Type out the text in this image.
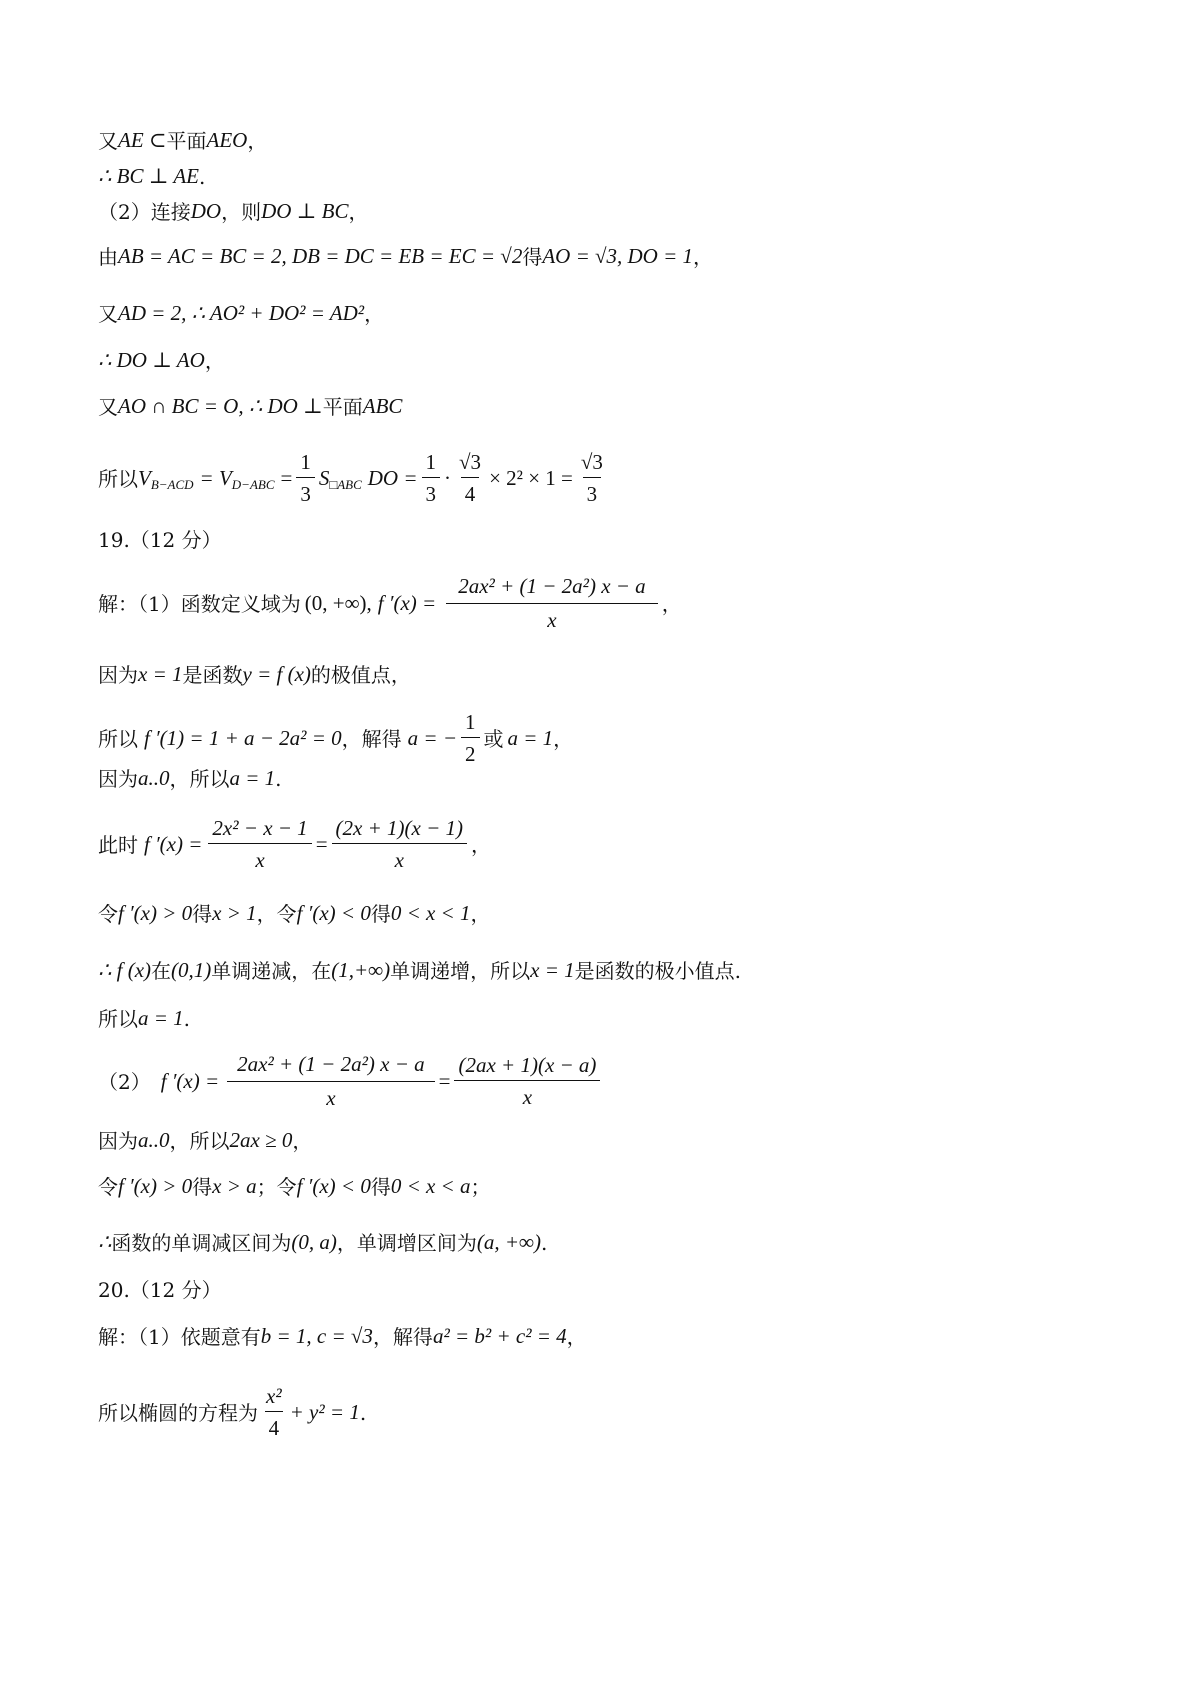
又 AE ⊂ 平面 AEO ，
∴ BC ⊥ AE .
（2）连接 DO ，则 DO ⊥ BC ，
由 AB = AC = BC = 2, DB = DC = EB = EC = √2 得 AO = √3, DO = 1 ，
又 AD = 2, ∴ AO² + DO² = AD² ，
∴ DO ⊥ AO ，
又 AO ∩ BC = O, ∴ DO ⊥ 平面 ABC
所以 $V_{B-ACD} = V_{D-ABC} = \frac{1}{3} S_{□ABC}$ DO = $\frac{1}{3} \cdot \frac{√3}{4} \times 2^2 \times 1 = \frac{√3}{3}$
19.（12 分）
解：（1）函数定义域为 (0, +∞), f $'(x) = \frac{\text{2ax² + (1 − 2a²) x − a}}{x}$ ，
因为 x = 1 是函数 y = f (x) 的极值点，
所以 f ′(1) = 1 + a − 2a² = 0 ，解得 a = − $\frac{1}{2}$ 或 a = 1 ，
因为 a..0 ，所以 a = 1 .
此时 f $'(x) = \frac{\text{2x² − x − 1}}{x} = \frac{(2x + 1)(x - 1)}{x}$ ，
令 f ′(x) > 0 得 x > 1 ，令 f ′(x) < 0 得 0 < x < 1 ，
∴ f (x) 在 (0,1) 单调递减，在 (1,+∞) 单调递增，所以 x = 1 是函数的极小值点.
所以 a = 1 .
（2） f $'(x) = \frac{\text{2ax² + (1 − 2a²) x − a}}{x} = \frac{(2ax + 1)(x - a)}{x}$
因为 a..0 ，所以 2ax ≥ 0 ，
令 f ′(x) > 0 得 x > a ；令 f ′(x) < 0 得 0 < x < a ；
∴ 函数的单调减区间为 (0, a) ，单调增区间为 (a, +∞) .
20.（12 分）
解：（1）依题意有 b = 1, c = √3 ，解得 a² = b² + c² = 4 ，
所以椭圆的方程为 $\frac{\text{x²}}{4} + y^2 = 1$ .
